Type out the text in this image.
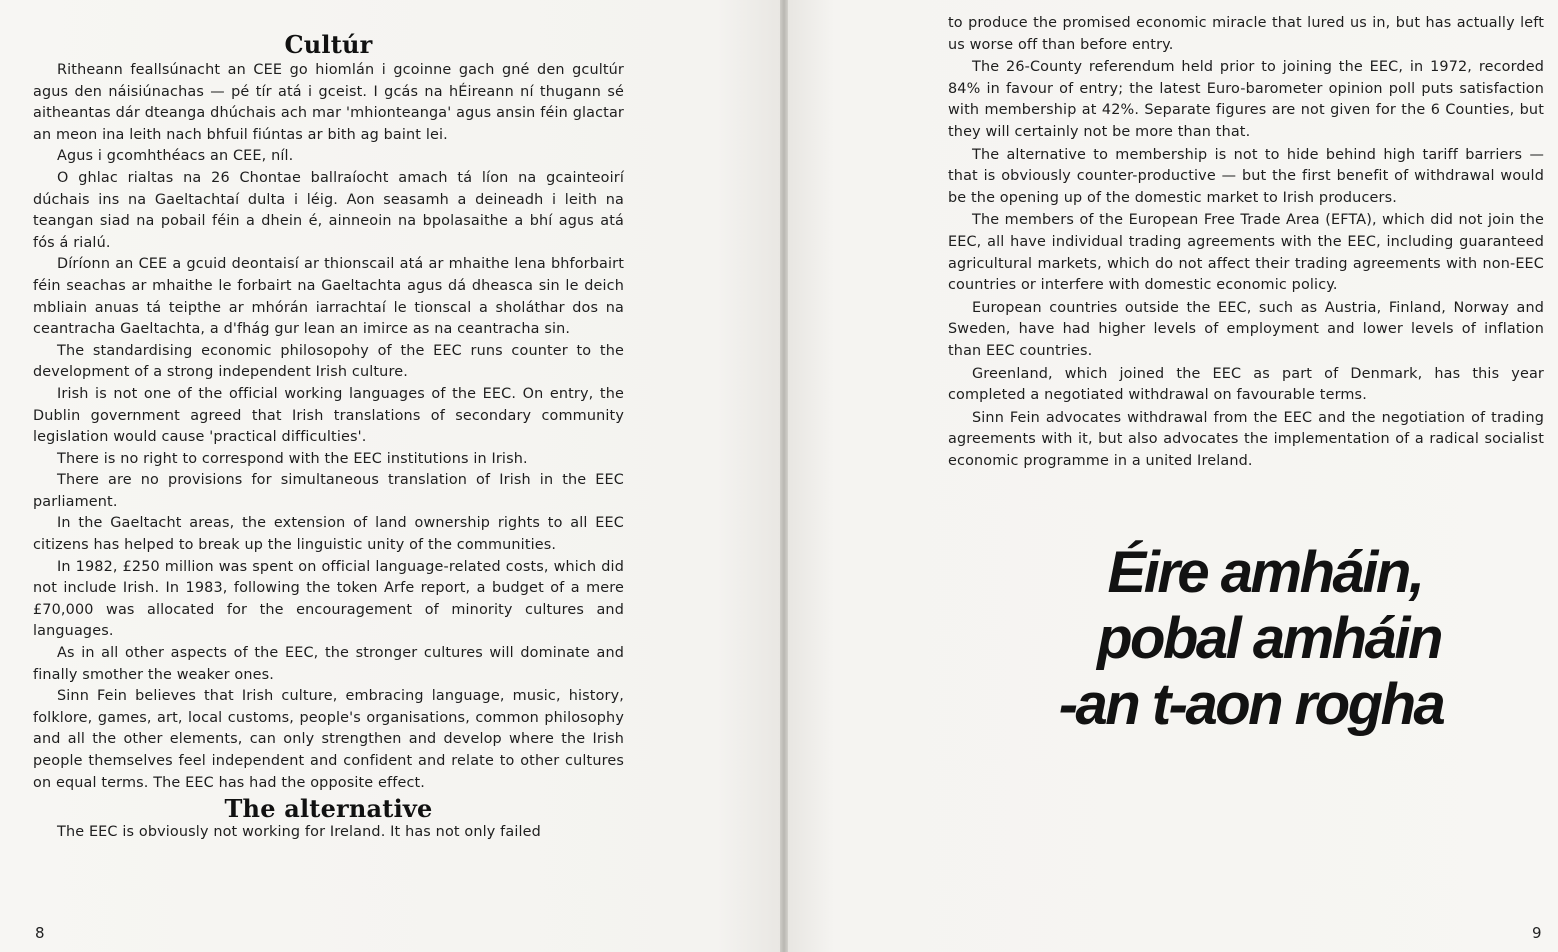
Cultúr

Ritheann feallsúnacht an CEE go hiomlán i gcoinne gach gné den gcultúr agus den náisiúnachas — pé tír atá i gceist. I gcás na hÉireann ní thugann sé aitheantas dár dteanga dhúchais ach mar 'mhionteanga' agus ansin féin glactar an meon ina leith nach bhfuil fiúntas ar bith ag baint lei.

Agus i gcomhthéacs an CEE, níl.

O ghlac rialtas na 26 Chontae ballraíocht amach tá líon na gcainteoirí dúchais ins na Gaeltachtaí dulta i léig. Aon seasamh a deineadh i leith na teangan siad na pobail féin a dhein é, ainneoin na bpolasaithe a bhí agus atá fós á rialú.

Díríonn an CEE a gcuid deontaisí ar thionscail atá ar mhaithe lena bhforbairt féin seachas ar mhaithe le forbairt na Gaeltachta agus dá dheasca sin le deich mbliain anuas tá teipthe ar mhórán iarrachtaí le tionscal a sholáthar dos na ceantracha Gaeltachta, a d'fhág gur lean an imirce as na ceantracha sin.

The standardising economic philosopohy of the EEC runs counter to the development of a strong independent Irish culture.

Irish is not one of the official working languages of the EEC. On entry, the Dublin government agreed that Irish translations of secondary community legislation would cause 'practical difficulties'.

There is no right to correspond with the EEC institutions in Irish.

There are no provisions for simultaneous translation of Irish in the EEC parliament.

In the Gaeltacht areas, the extension of land ownership rights to all EEC citizens has helped to break up the linguistic unity of the communities.

In 1982, £250 million was spent on official language-related costs, which did not include Irish. In 1983, following the token Arfe report, a budget of a mere £70,000 was allocated for the encouragement of minority cultures and languages.

As in all other aspects of the EEC, the stronger cultures will dominate and finally smother the weaker ones.

Sinn Fein believes that Irish culture, embracing language, music, history, folklore, games, art, local customs, people's organisations, common philosophy and all the other elements, can only strengthen and develop where the Irish people themselves feel independent and confident and relate to other cultures on equal terms. The EEC has had the opposite effect.

The alternative

The EEC is obviously not working for Ireland. It has not only failed

8

to produce the promised economic miracle that lured us in, but has actually left us worse off than before entry.

The 26-County referendum held prior to joining the EEC, in 1972, recorded 84% in favour of entry; the latest Euro-barometer opinion poll puts satisfaction with membership at 42%. Separate figures are not given for the 6 Counties, but they will certainly not be more than that.

The alternative to membership is not to hide behind high tariff barriers — that is obviously counter-productive — but the first benefit of withdrawal would be the opening up of the domestic market to Irish producers.

The members of the European Free Trade Area (EFTA), which did not join the EEC, all have individual trading agreements with the EEC, including guaranteed agricultural markets, which do not affect their trading agreements with non-EEC countries or interfere with domestic economic policy.

European countries outside the EEC, such as Austria, Finland, Norway and Sweden, have had higher levels of employment and lower levels of inflation than EEC countries.

Greenland, which joined the EEC as part of Denmark, has this year completed a negotiated withdrawal on favourable terms.

Sinn Fein advocates withdrawal from the EEC and the negotiation of trading agreements with it, but also advocates the implementation of a radical socialist economic programme in a united Ireland.

Éire amháin,
pobal amháin
-an t-aon rogha
9
